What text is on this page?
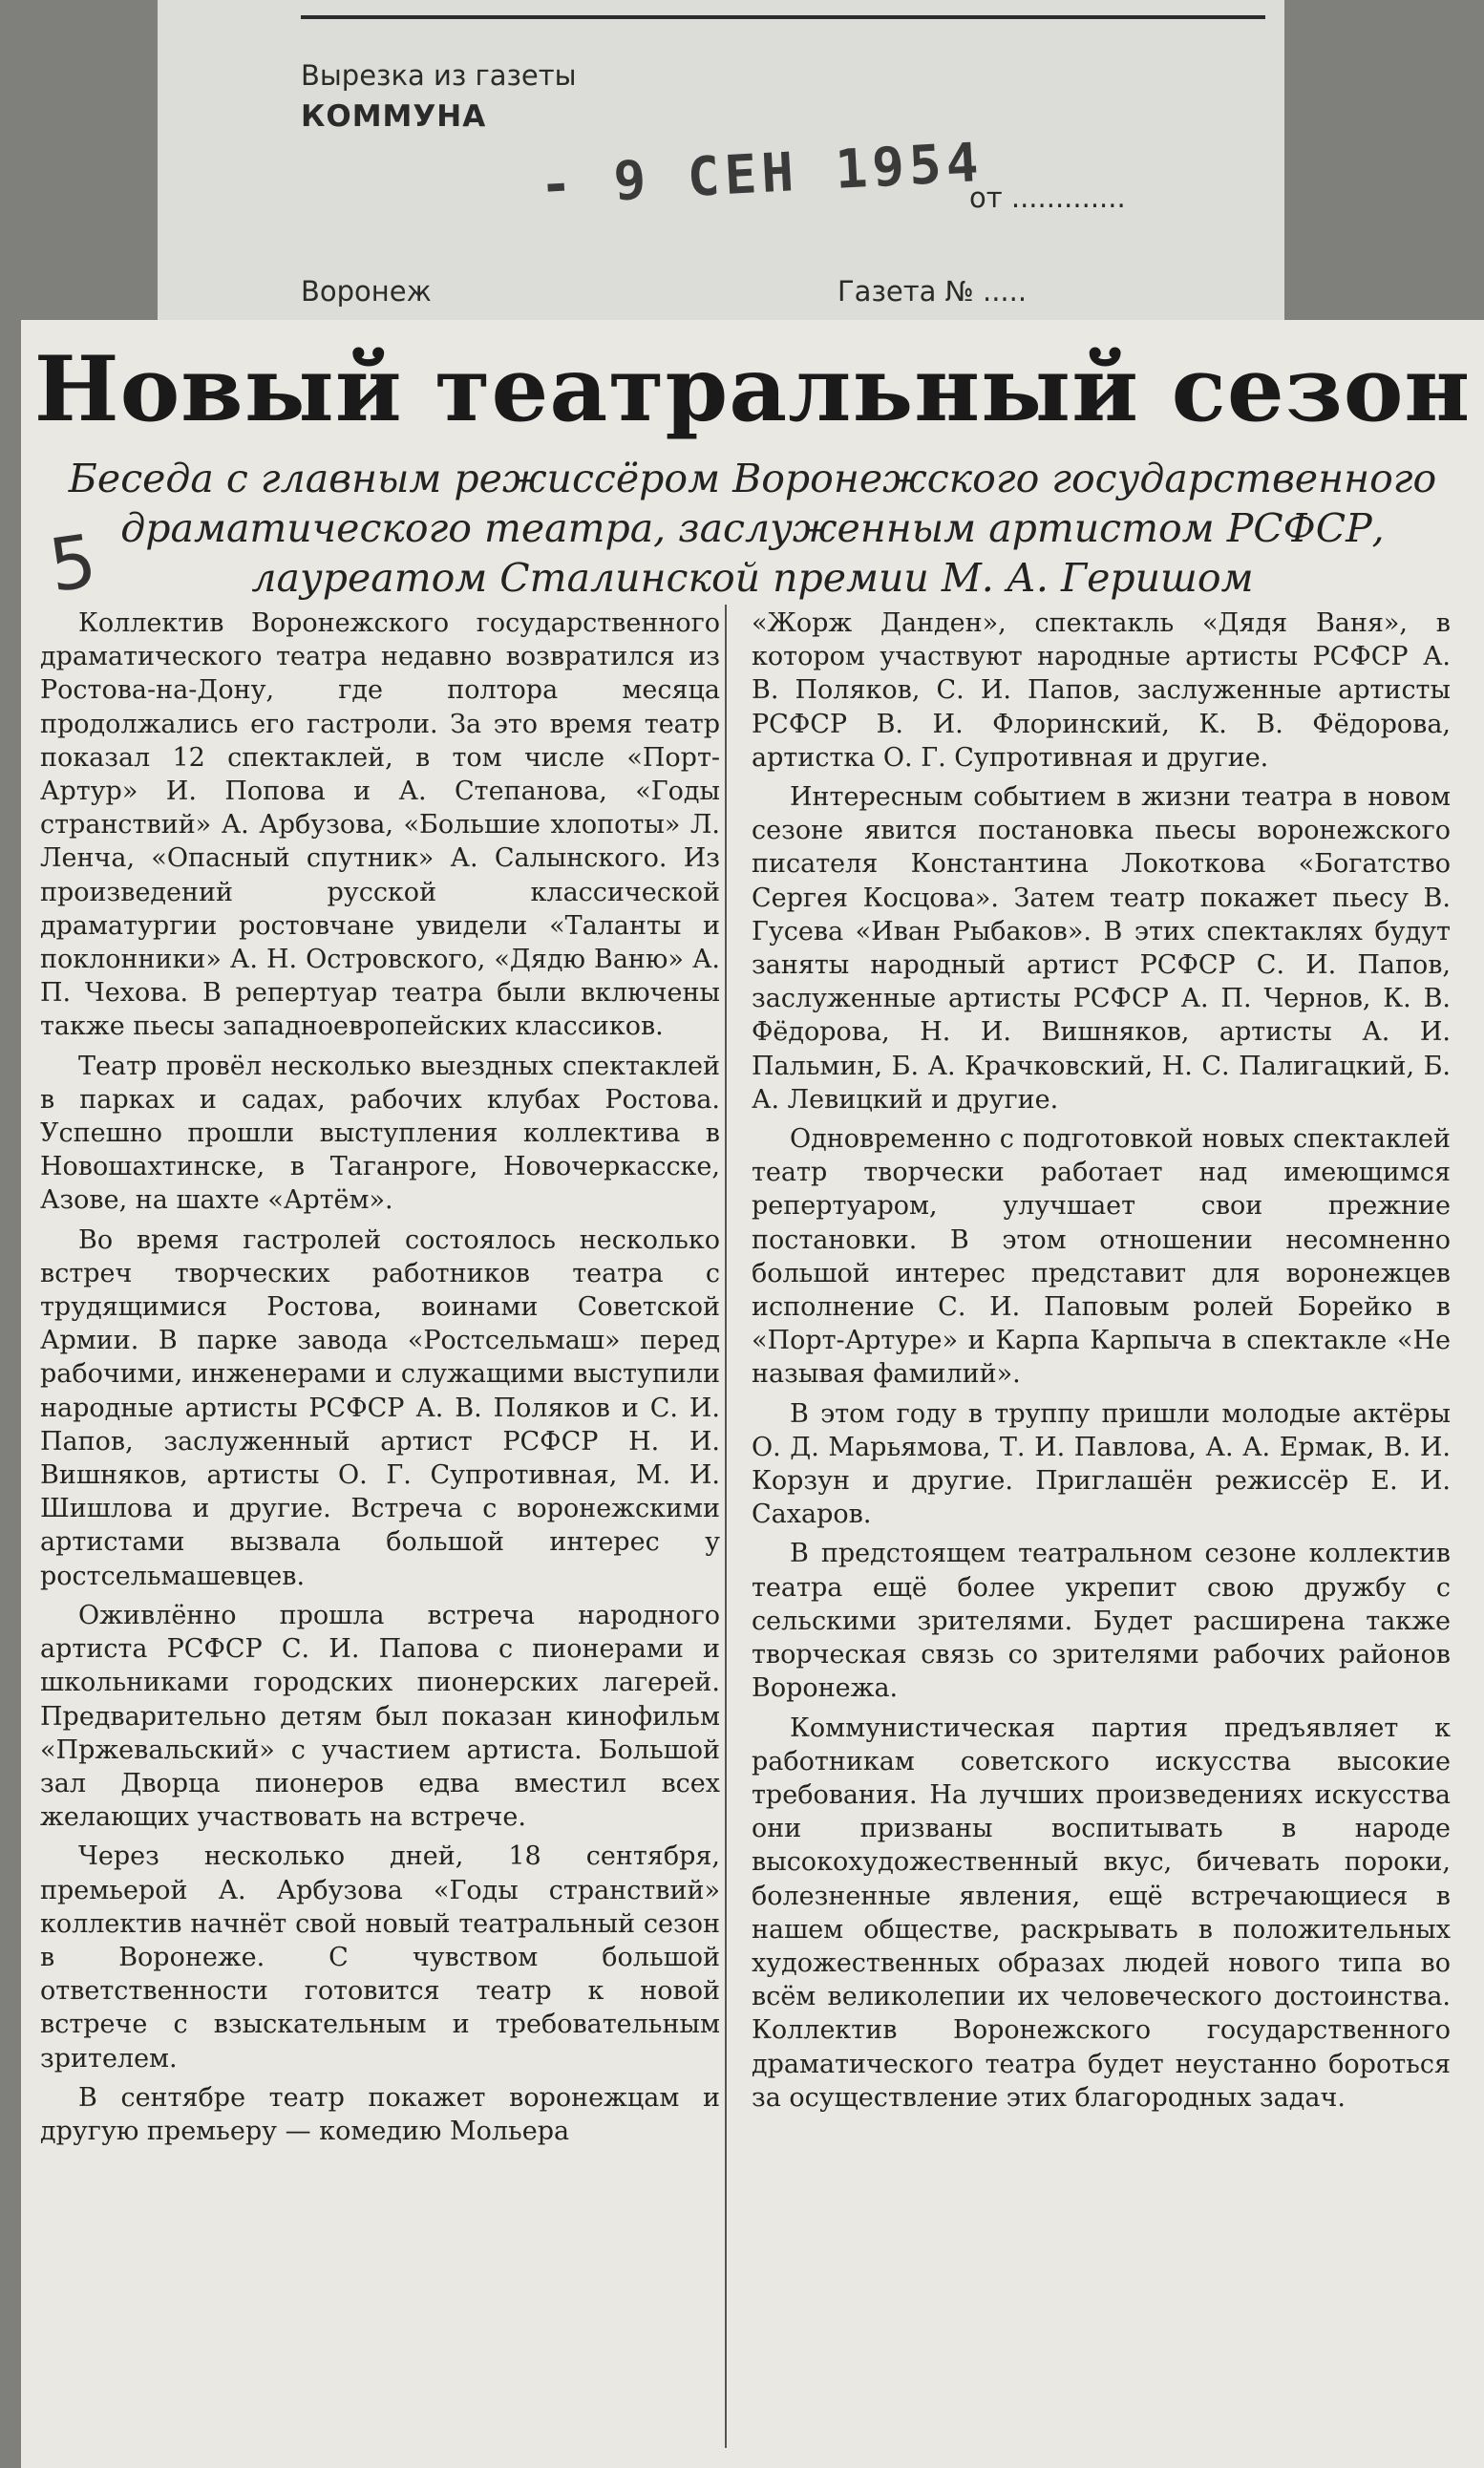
Вырезка из газеты
КОММУНА
- 9 СЕН 1954
от .............
Воронеж	Газета № .....
Новый театральный сезон
Беседа с главным режиссёром Воронежского государственного
драматического театра, заслуженным артистом РСФСР,
лауреатом Сталинской премии М. А. Геришом
5

Коллектив Воронежского государственного драматического театра недавно возвратился из Ростова-на-Дону, где полтора месяца продолжались его гастроли. За это время театр показал 12 спектаклей, в том числе «Порт-Артур» И. Попова и А. Степанова, «Годы странствий» А. Арбузова, «Большие хлопоты» Л. Ленча, «Опасный спутник» А. Салынского. Из произведений русской классической драматургии ростовчане увидели «Таланты и поклонники» А. Н. Островского, «Дядю Ваню» А. П. Чехова. В репертуар театра были включены также пьесы западноевропейских классиков.

Театр провёл несколько выездных спектаклей в парках и садах, рабочих клубах Ростова. Успешно прошли выступления коллектива в Новошахтинске, в Таганроге, Новочеркасске, Азове, на шахте «Артём».

Во время гастролей состоялось несколько встреч творческих работников театра с трудящимися Ростова, воинами Советской Армии. В парке завода «Ростсельмаш» перед рабочими, инженерами и служащими выступили народные артисты РСФСР А. В. Поляков и С. И. Папов, заслуженный артист РСФСР Н. И. Вишняков, артисты О. Г. Супротивная, М. И. Шишлова и другие. Встреча с воронежскими артистами вызвала большой интерес у ростсельмашевцев.

Оживлённо прошла встреча народного артиста РСФСР С. И. Папова с пионерами и школьниками городских пионерских лагерей. Предварительно детям был показан кинофильм «Пржевальский» с участием артиста. Большой зал Дворца пионеров едва вместил всех желающих участвовать на встрече.

Через несколько дней, 18 сентября, премьерой А. Арбузова «Годы странствий» коллектив начнёт свой новый театральный сезон в Воронеже. С чувством большой ответственности готовится театр к новой встрече с взыскательным и требовательным зрителем.

В сентябре театр покажет воронежцам и другую премьеру — комедию Мольера

«Жорж Данден», спектакль «Дядя Ваня», в котором участвуют народные артисты РСФСР А. В. Поляков, С. И. Папов, заслуженные артисты РСФСР В. И. Флоринский, К. В. Фёдорова, артистка О. Г. Супротивная и другие.

Интересным событием в жизни театра в новом сезоне явится постановка пьесы воронежского писателя Константина Локоткова «Богатство Сергея Косцова». Затем театр покажет пьесу В. Гусева «Иван Рыбаков». В этих спектаклях будут заняты народный артист РСФСР С. И. Папов, заслуженные артисты РСФСР А. П. Чернов, К. В. Фёдорова, Н. И. Вишняков, артисты А. И. Пальмин, Б. А. Крачковский, Н. С. Палигацкий, Б. А. Левицкий и другие.

Одновременно с подготовкой новых спектаклей театр творчески работает над имеющимся репертуаром, улучшает свои прежние постановки. В этом отношении несомненно большой интерес представит для воронежцев исполнение С. И. Паповым ролей Борейко в «Порт-Артуре» и Карпа Карпыча в спектакле «Не называя фамилий».

В этом году в труппу пришли молодые актёры О. Д. Марьямова, Т. И. Павлова, А. А. Ермак, В. И. Корзун и другие. Приглашён режиссёр Е. И. Сахаров.

В предстоящем театральном сезоне коллектив театра ещё более укрепит свою дружбу с сельскими зрителями. Будет расширена также творческая связь со зрителями рабочих районов Воронежа.

Коммунистическая партия предъявляет к работникам советского искусства высокие требования. На лучших произведениях искусства они призваны воспитывать в народе высокохудожественный вкус, бичевать пороки, болезненные явления, ещё встречающиеся в нашем обществе, раскрывать в положительных художественных образах людей нового типа во всём великолепии их человеческого достоинства. Коллектив Воронежского государственного драматического театра будет неустанно бороться за осуществление этих благородных задач.
